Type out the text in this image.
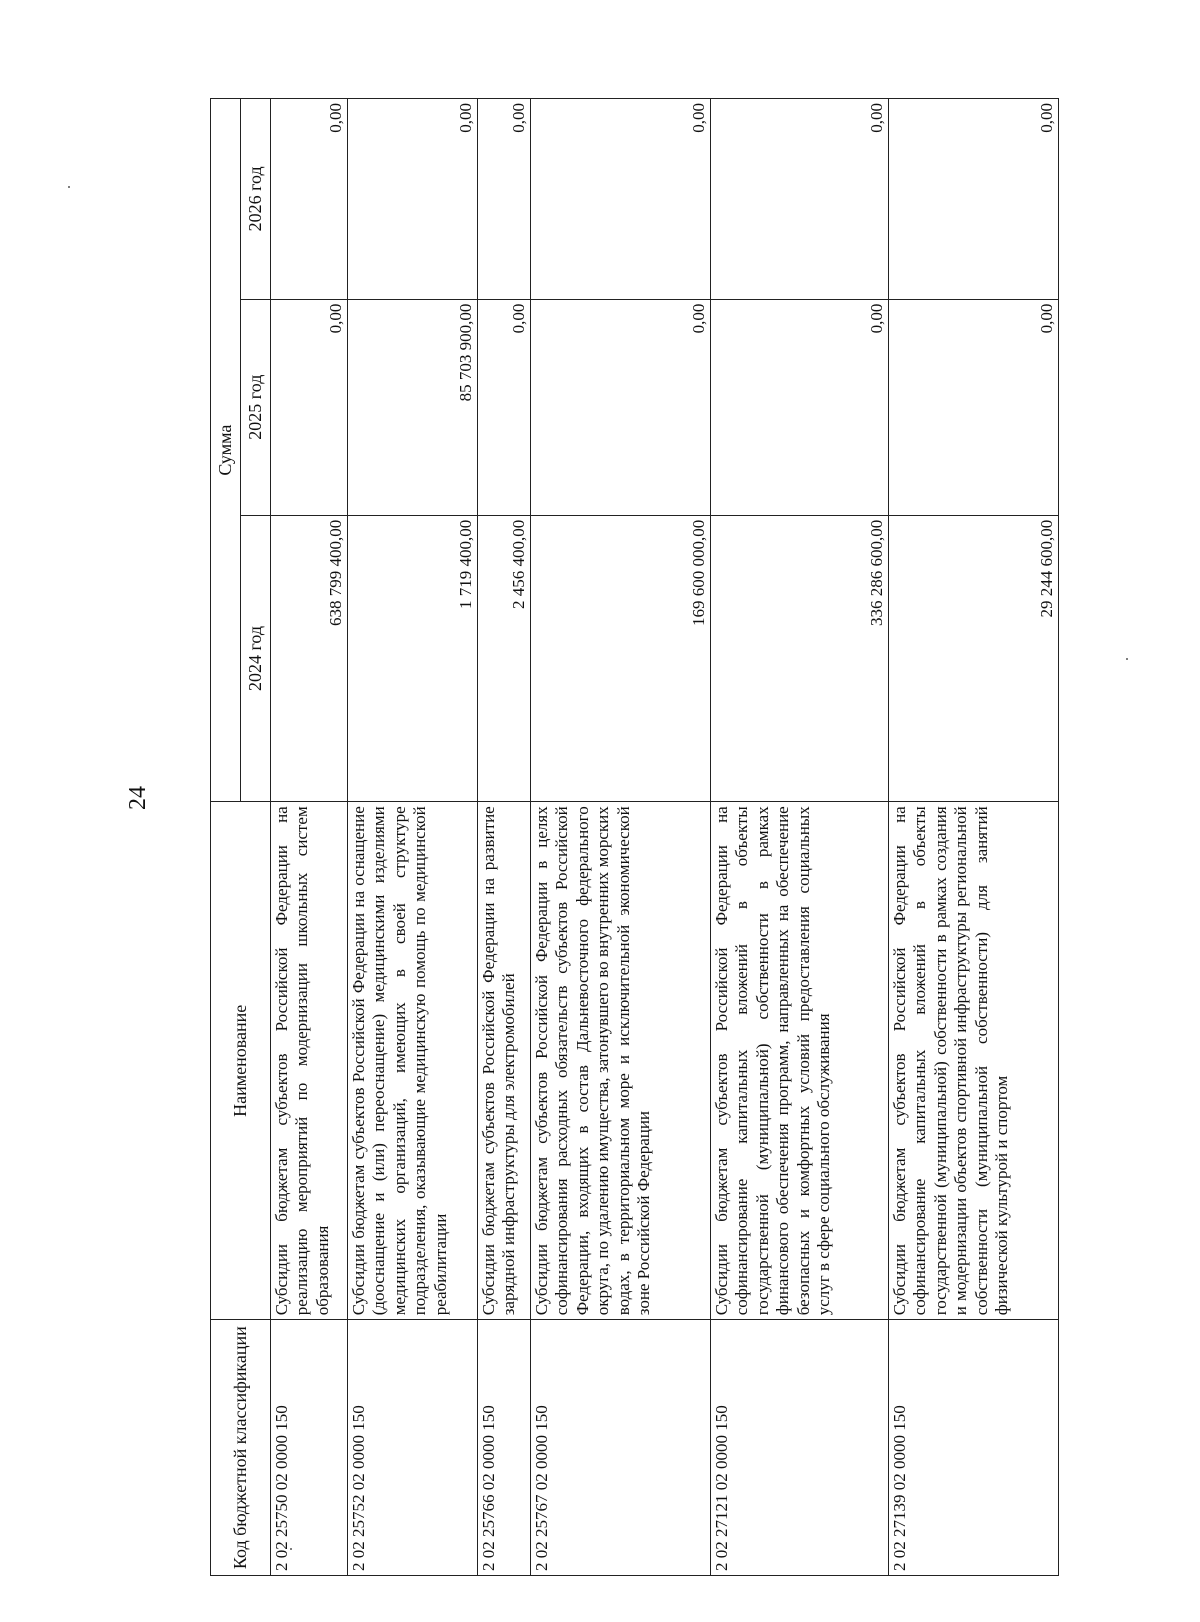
24
Код бюджетной классификации	Наименование	Сумма		
		2024 год	2025 год	2026 год
2 02 25750 02 0000 150	Субсидии бюджетам субъектов Российской Федерации на реализацию мероприятий по модернизации школьных систем образования	638 799 400,00	0,00	0,00
2 02 25752 02 0000 150	Субсидии бюджетам субъектов Российской Федерации на оснащение (дооснащение и (или) переоснащение) медицинскими изделиями медицинских организаций, имеющих в своей структуре подразделения, оказывающие медицинскую помощь по медицинской реабилитации	1 719 400,00	85 703 900,00	0,00
2 02 25766 02 0000 150	Субсидии бюджетам субъектов Российской Федерации на развитие зарядной инфраструктуры для электромобилей	2 456 400,00	0,00	0,00
2 02 25767 02 0000 150	Субсидии бюджетам субъектов Российской Федерации в целях софинансирования расходных обязательств субъектов Российской Федерации, входящих в состав Дальневосточного федерального округа, по удалению имущества, затонувшего во внутренних морских водах, в территориальном море и исключительной экономической зоне Российской Федерации	169 600 000,00	0,00	0,00
2 02 27121 02 0000 150	Субсидии бюджетам субъектов Российской Федерации на софинансирование капитальных вложений в объекты государственной (муниципальной) собственности в рамках финансового обеспечения программ, направленных на обеспечение безопасных и комфортных условий предоставления социальных услуг в сфере социального обслуживания	336 286 600,00	0,00	0,00
2 02 27139 02 0000 150	Субсидии бюджетам субъектов Российской Федерации на софинансирование капитальных вложений в объекты государственной (муниципальной) собственности в рамках создания и модернизации объектов спортивной инфраструктуры региональной собственности (муниципальной собственности) для занятий физической культурой и спортом	29 244 600,00	0,00	0,00
